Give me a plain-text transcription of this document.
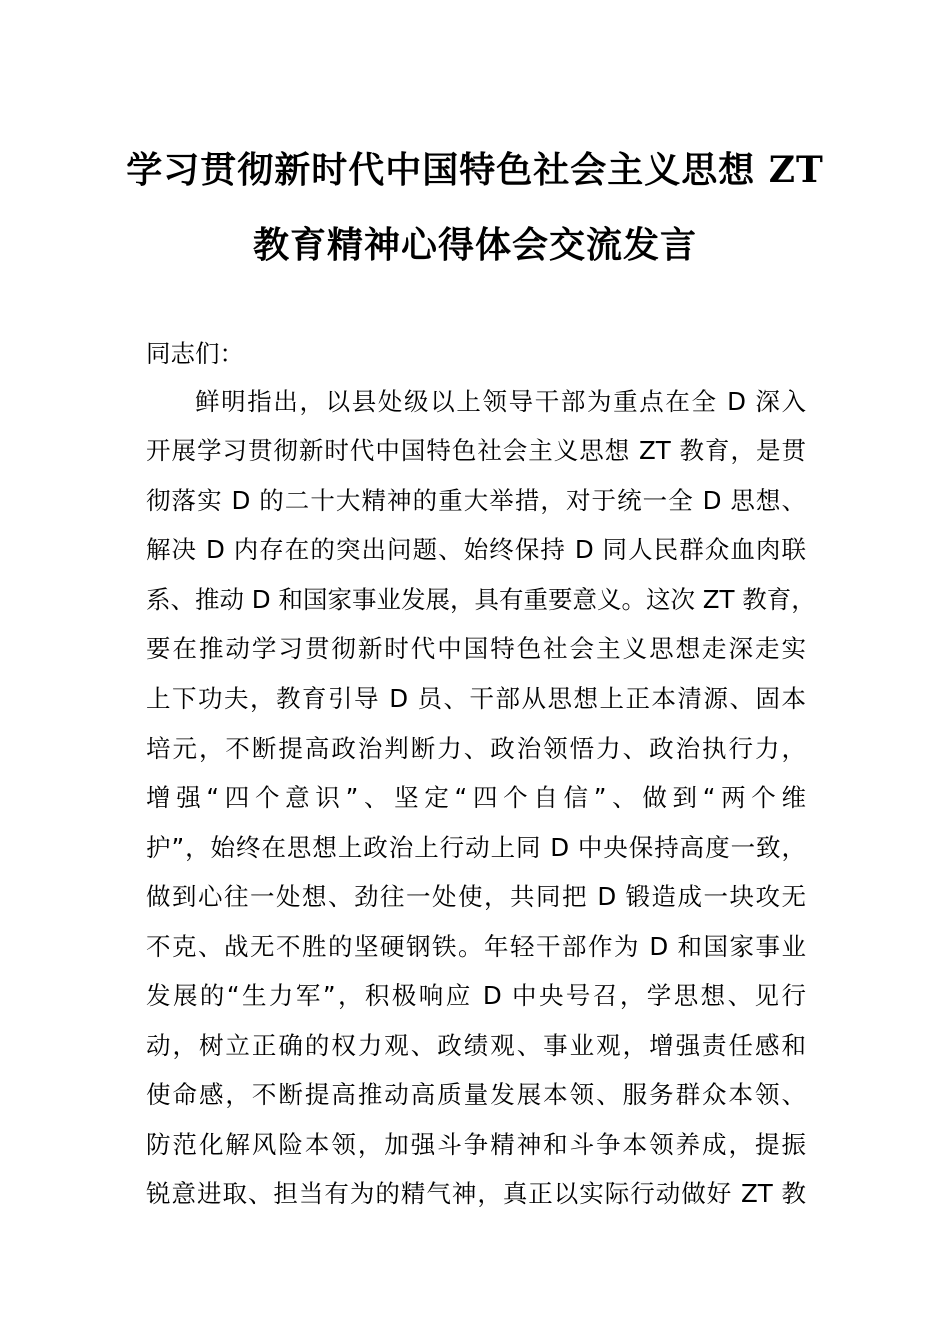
学习贯彻新时代中国特色社会主义思想 ZT
教育精神心得体会交流发言
同志们：
鲜明指出，以县处级以上领导干部为重点在全 D 深入
开展学习贯彻新时代中国特色社会主义思想 ZT 教育，是贯
彻落实 D 的二十大精神的重大举措，对于统一全 D 思想、
解决 D 内存在的突出问题、始终保持 D 同人民群众血肉联
系、推动 D 和国家事业发展，具有重要意义。这次 ZT 教育，
要在推动学习贯彻新时代中国特色社会主义思想走深走实
上下功夫，教育引导 D 员、干部从思想上正本清源、固本
培元，不断提高政治判断力、政治领悟力、政治执行力，
增强“四个意识”、坚定“四个自信”、做到“两个维
护”，始终在思想上政治上行动上同 D 中央保持高度一致，
做到心往一处想、劲往一处使，共同把 D 锻造成一块攻无
不克、战无不胜的坚硬钢铁。年轻干部作为 D 和国家事业
发展的“生力军”，积极响应 D 中央号召，学思想、见行
动，树立正确的权力观、政绩观、事业观，增强责任感和
使命感，不断提高推动高质量发展本领、服务群众本领、
防范化解风险本领，加强斗争精神和斗争本领养成，提振
锐意进取、担当有为的精气神，真正以实际行动做好 ZT 教
